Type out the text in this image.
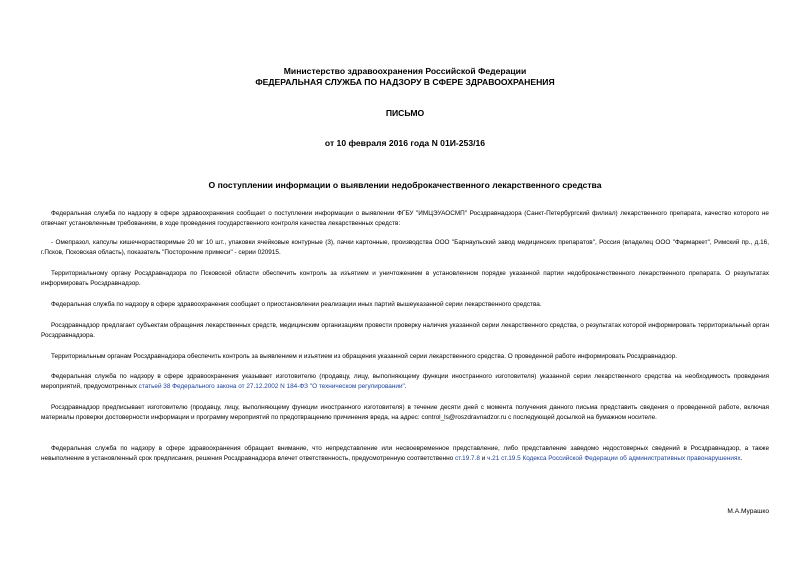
Министерство здравоохранения Российской Федерации
ФЕДЕРАЛЬНАЯ СЛУЖБА ПО НАДЗОРУ В СФЕРЕ ЗДРАВООХРАНЕНИЯ
ПИСЬМО
от 10 февраля 2016 года N 01И-253/16
О поступлении информации о выявлении недоброкачественного лекарственного средства

Федеральная служба по надзору в сфере здравоохранения сообщает о поступлении информации о выявлении ФГБУ "ИМЦЭУАОСМП" Росздравнадзора (Санкт-Петербургский филиал) лекарственного препарата, качество которого не отвечает установленным требованиям, в ходе проведения государственного контроля качества лекарственных средств:

- Омепразол, капсулы кишечнорастворимые 20 мг 10 шт., упаковки ячейковые контурные (3), пачки картонные, производства ООО "Барнаульский завод медицинских препаратов", Россия (владелец ООО "Фармаркет", Римский пр., д.16, г.Псков, Псковская область), показатель "Посторонние примеси" - серии 020915.

Территориальному органу Росздравнадзора по Псковской области обеспечить контроль за изъятием и уничтожением в установленном порядке указанной партии недоброкачественного лекарственного препарата. О результатах информировать Росздравнадзор.

Федеральная служба по надзору в сфере здравоохранения сообщает о приостановлении реализации иных партий вышеуказанной серии лекарственного средства.

Росздравнадзор предлагает субъектам обращения лекарственных средств, медицинским организациям провести проверку наличия указанной серии лекарственного средства, о результатах которой информировать территориальный орган Росздравнадзора.

Территориальным органам Росздравнадзора обеспечить контроль за выявлением и изъятием из обращения указанной серии лекарственного средства. О проведенной работе информировать Росздравнадзор.

Федеральная служба по надзору в сфере здравоохранения указывает изготовителю (продавцу, лицу, выполняющему функции иностранного изготовителя) указанной серии лекарственного средства на необходимость проведения мероприятий, предусмотренных статьей 38 Федерального закона от 27.12.2002 N 184-ФЗ "О техническом регулировании".

Росздравнадзор предписывает изготовителю (продавцу, лицу, выполняющему функции иностранного изготовителя) в течение десяти дней с момента получения данного письма представить сведения о проведенной работе, включая материалы проверки достоверности информации и программу мероприятий по предотвращению причинения вреда, на адрес: control_ls@roszdravnadzor.ru с последующей досылкой на бумажном носителе.

Федеральная служба по надзору в сфере здравоохранения обращает внимание, что непредставление или несвоевременное представление, либо представление заведомо недостоверных сведений в Росздравнадзор, а также невыполнение в установленный срок предписания, решения Росздравнадзора влечет ответственность, предусмотренную соответственно ст.19.7.8 и ч.21 ст.19.5 Кодекса Российской Федерации об административных правонарушениях.

М.А.Мурашко
